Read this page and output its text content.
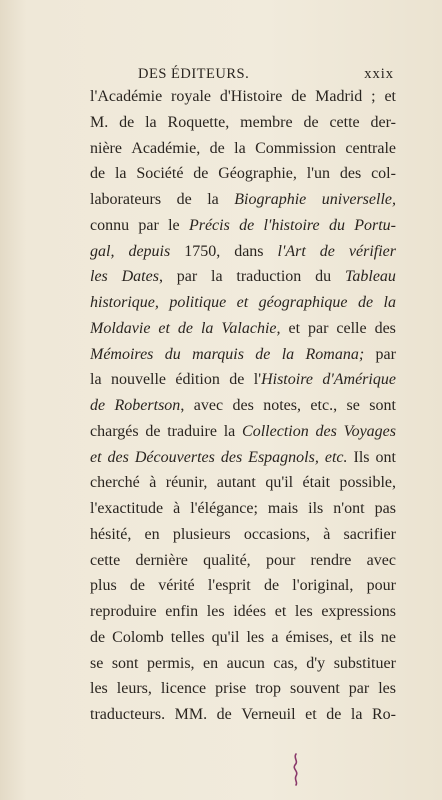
DES ÉDITEURS.	xxix
l'Académie royale d'Histoire de Madrid ; et
M. de la Roquette, membre de cette der-
nière Académie, de la Commission centrale
de la Société de Géographie, l'un des col-
laborateurs de la Biographie universelle,
connu par le Précis de l'histoire du Portu-
gal, depuis 1750, dans l'Art de vérifier
les Dates, par la traduction du Tableau
historique, politique et géographique de la
Moldavie et de la Valachie, et par celle des
Mémoires du marquis de la Romana; par
la nouvelle édition de l'Histoire d'Amérique
de Robertson, avec des notes, etc., se sont
chargés de traduire la Collection des Voyages
et des Découvertes des Espagnols, etc. Ils ont
cherché à réunir, autant qu'il était possible,
l'exactitude à l'élégance; mais ils n'ont pas
hésité, en plusieurs occasions, à sacrifier
cette dernière qualité, pour rendre avec
plus de vérité l'esprit de l'original, pour
reproduire enfin les idées et les expressions
de Colomb telles qu'il les a émises, et ils ne
se sont permis, en aucun cas, d'y substituer
les leurs, licence prise trop souvent par les
traducteurs. MM. de Verneuil et de la Ro-
